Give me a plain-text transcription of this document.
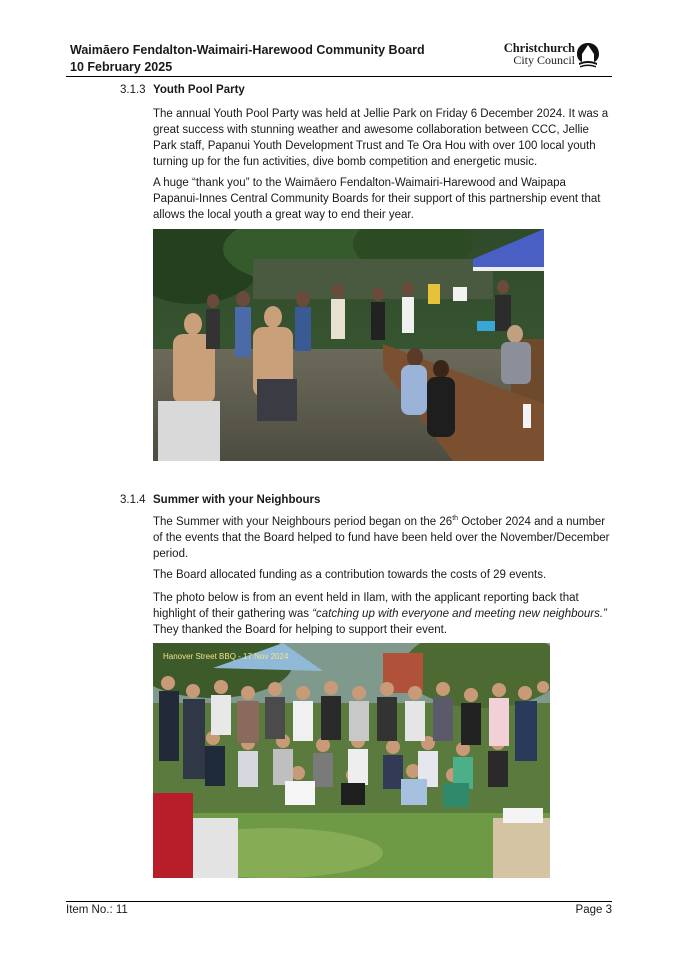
Waimāero Fendalton-Waimairi-Harewood Community Board
10 February 2025
Christchurch
City Council
3.1.3 Youth Pool Party

The annual Youth Pool Party was held at Jellie Park on Friday 6 December 2024. It was a great success with stunning weather and awesome collaboration between CCC, Jellie Park staff, Papanui Youth Development Trust and Te Ora Hou with over 100 local youth turning up for the fun activities, dive bomb competition and energetic music.

A huge “thank you” to the Waimāero Fendalton-Waimairi-Harewood and Waipapa Papanui-Innes Central Community Boards for their support of this partnership event that allows the local youth a great way to end their year.

3.1.4 Summer with your Neighbours

The Summer with your Neighbours period began on the 26th October 2024 and a number of the events that the Board helped to fund have been held over the November/December period.

The Board allocated funding as a contribution towards the costs of 29 events.

The photo below is from an event held in Ilam, with the applicant reporting back that highlight of their gathering was “catching up with everyone and meeting new neighbours.” They thanked the Board for helping to support their event.

Hanover Street BBQ - 17 Nov 2024
Item No.: 11	Page 3
